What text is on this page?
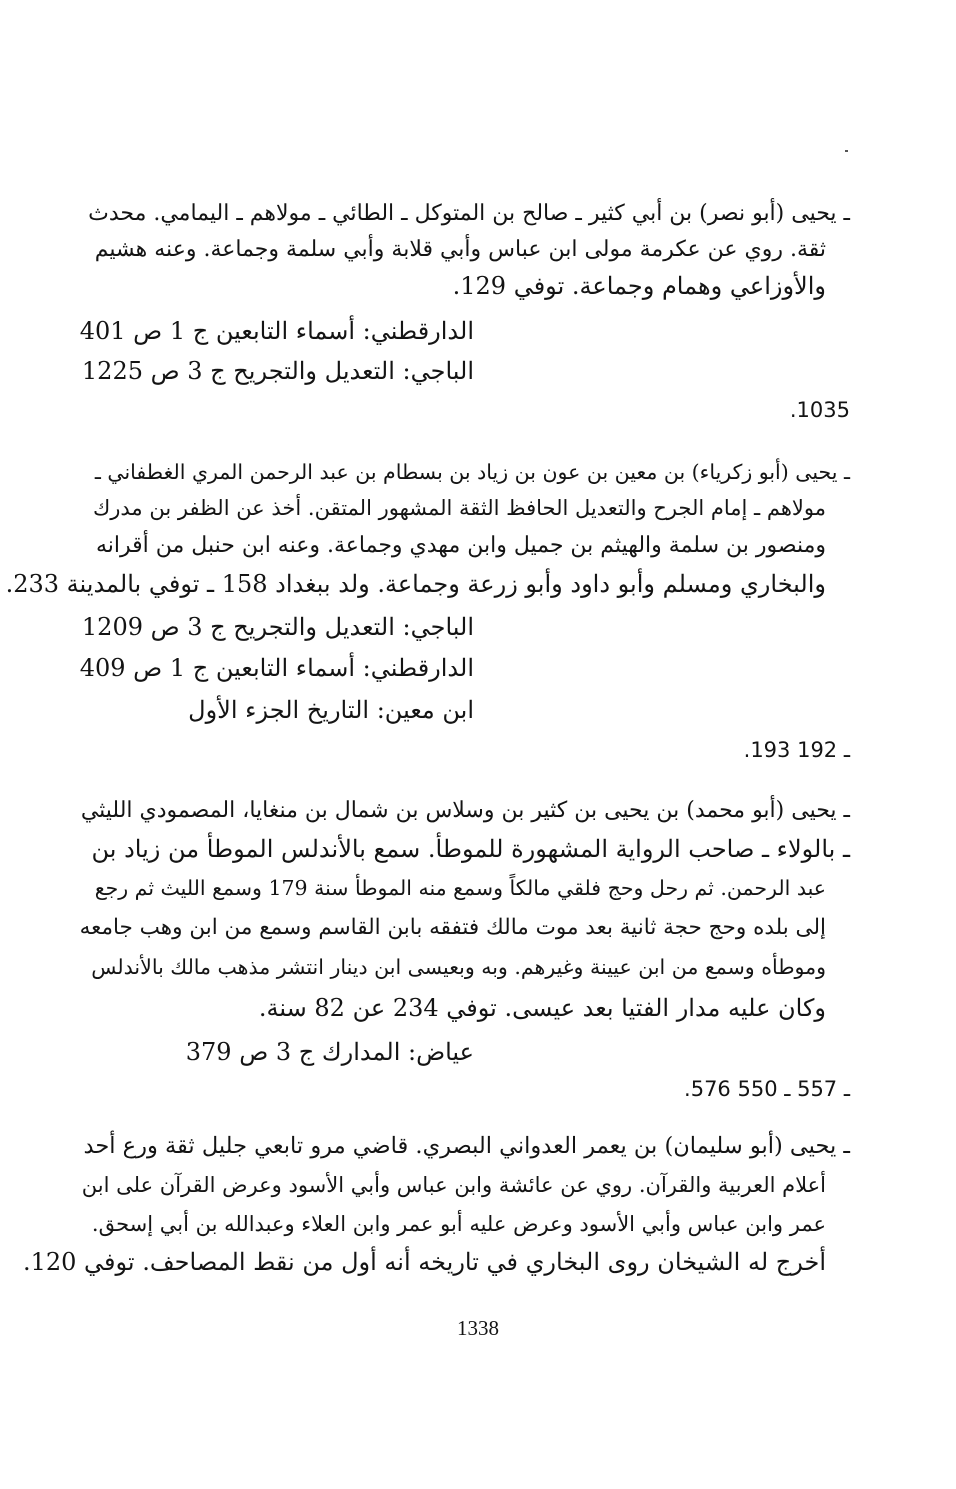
ـ يحيى (أبو نصر) بن أبي كثير ـ صالح بن المتوكل ـ الطائي ـ مولاهم ـ اليمامي. محدث
ثقة. روي عن عكرمة مولى ابن عباس وأبي قلابة وأبي سلمة وجماعة. وعنه هشيم
والأوزاعي وهمام وجماعة. توفي 129.
الدارقطني: أسماء التابعين ج 1 ص 401
الباجي: التعديل والتجريح ج 3 ص 1225
.1035
ـ يحيى (أبو زكرياء) بن معين بن عون بن زياد بن بسطام بن عبد الرحمن المري الغطفاني ـ
مولاهم ـ إمام الجرح والتعديل الحافظ الثقة المشهور المتقن. أخذ عن الظفر بن مدرك
ومنصور بن سلمة والهيثم بن جميل وابن مهدي وجماعة. وعنه ابن حنبل من أقرانه
والبخاري ومسلم وأبو داود وأبو زرعة وجماعة. ولد ببغداد 158 ـ توفي بالمدينة 233.
الباجي: التعديل والتجريح ج 3 ص 1209
الدارقطني: أسماء التابعين ج 1 ص 409
ابن معين: التاريخ الجزء الأول
.193 ـ 192
ـ يحيى (أبو محمد) بن يحيى بن كثير بن وسلاس بن شمال بن منغايا، المصمودي الليثي
ـ بالولاء ـ صاحب الرواية المشهورة للموطأ. سمع بالأندلس الموطأ من زياد بن
عبد الرحمن. ثم رحل وحج فلقي مالكاً وسمع منه الموطأ سنة 179 وسمع الليث ثم رجع
إلى بلده وحج حجة ثانية بعد موت مالك فتفقه بابن القاسم وسمع من ابن وهب جامعه
وموطأه وسمع من ابن عيينة وغيرهم. وبه وبعيسى ابن دينار انتشر مذهب مالك بالأندلس
وكان عليه مدار الفتيا بعد عيسى. توفي 234 عن 82 سنة.
عياض: المدارك ج 3 ص 379
.576 ـ 557 ـ 550
ـ يحيى (أبو سليمان) بن يعمر العدواني البصري. قاضي مرو تابعي جليل ثقة ورع أحد
أعلام العربية والقرآن. روي عن عائشة وابن عباس وأبي الأسود وعرض القرآن على ابن
عمر وابن عباس وأبي الأسود وعرض عليه أبو عمر وابن العلاء وعبدالله بن أبي إسحق.
أخرج له الشيخان روى البخاري في تاريخه أنه أول من نقط المصاحف. توفي 120.
1338
